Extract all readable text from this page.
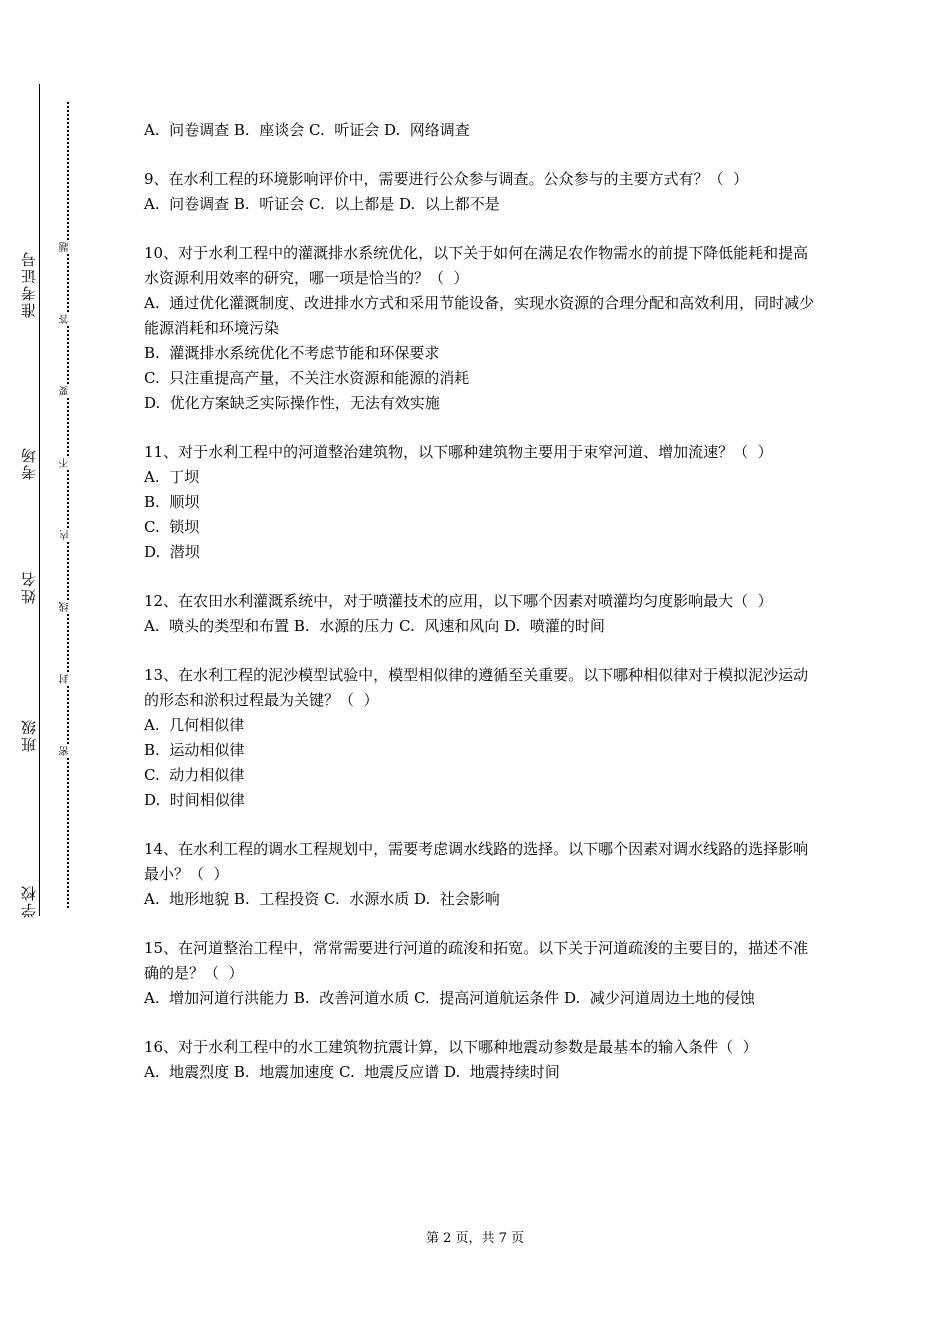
准考证号
考场
姓名
班级
学校
题
答
要
不
内
线
封
密

A.  问卷调查 B.  座谈会 C.  听证会 D.  网络调查

9、在水利工程的环境影响评价中，需要进行公众参与调查。公众参与的主要方式有？（  ）

A.  问卷调查 B.  听证会 C.  以上都是 D.  以上都不是

10、对于水利工程中的灌溉排水系统优化，以下关于如何在满足农作物需水的前提下降低能耗和提高水资源利用效率的研究，哪一项是恰当的？（  ）

A.  通过优化灌溉制度、改进排水方式和采用节能设备，实现水资源的合理分配和高效利用，同时减少能源消耗和环境污染

B.  灌溉排水系统优化不考虑节能和环保要求

C.  只注重提高产量，不关注水资源和能源的消耗

D.  优化方案缺乏实际操作性，无法有效实施

11、对于水利工程中的河道整治建筑物，以下哪种建筑物主要用于束窄河道、增加流速？（  ）

A.  丁坝

B.  顺坝

C.  锁坝

D.  潜坝

12、在农田水利灌溉系统中，对于喷灌技术的应用，以下哪个因素对喷灌均匀度影响最大（  ）

A.  喷头的类型和布置 B.  水源的压力 C.  风速和风向 D.  喷灌的时间

13、在水利工程的泥沙模型试验中，模型相似律的遵循至关重要。以下哪种相似律对于模拟泥沙运动的形态和淤积过程最为关键？（  ）

A.  几何相似律

B.  运动相似律

C.  动力相似律

D.  时间相似律

14、在水利工程的调水工程规划中，需要考虑调水线路的选择。以下哪个因素对调水线路的选择影响最小？（  ）

A.  地形地貌 B.  工程投资 C.  水源水质 D.  社会影响

15、在河道整治工程中，常常需要进行河道的疏浚和拓宽。以下关于河道疏浚的主要目的，描述不准确的是？（  ）

A.  增加河道行洪能力 B.  改善河道水质 C.  提高河道航运条件 D.  减少河道周边土地的侵蚀

16、对于水利工程中的水工建筑物抗震计算，以下哪种地震动参数是最基本的输入条件（  ）

A.  地震烈度 B.  地震加速度 C.  地震反应谱 D.  地震持续时间

第 2 页，共 7 页
